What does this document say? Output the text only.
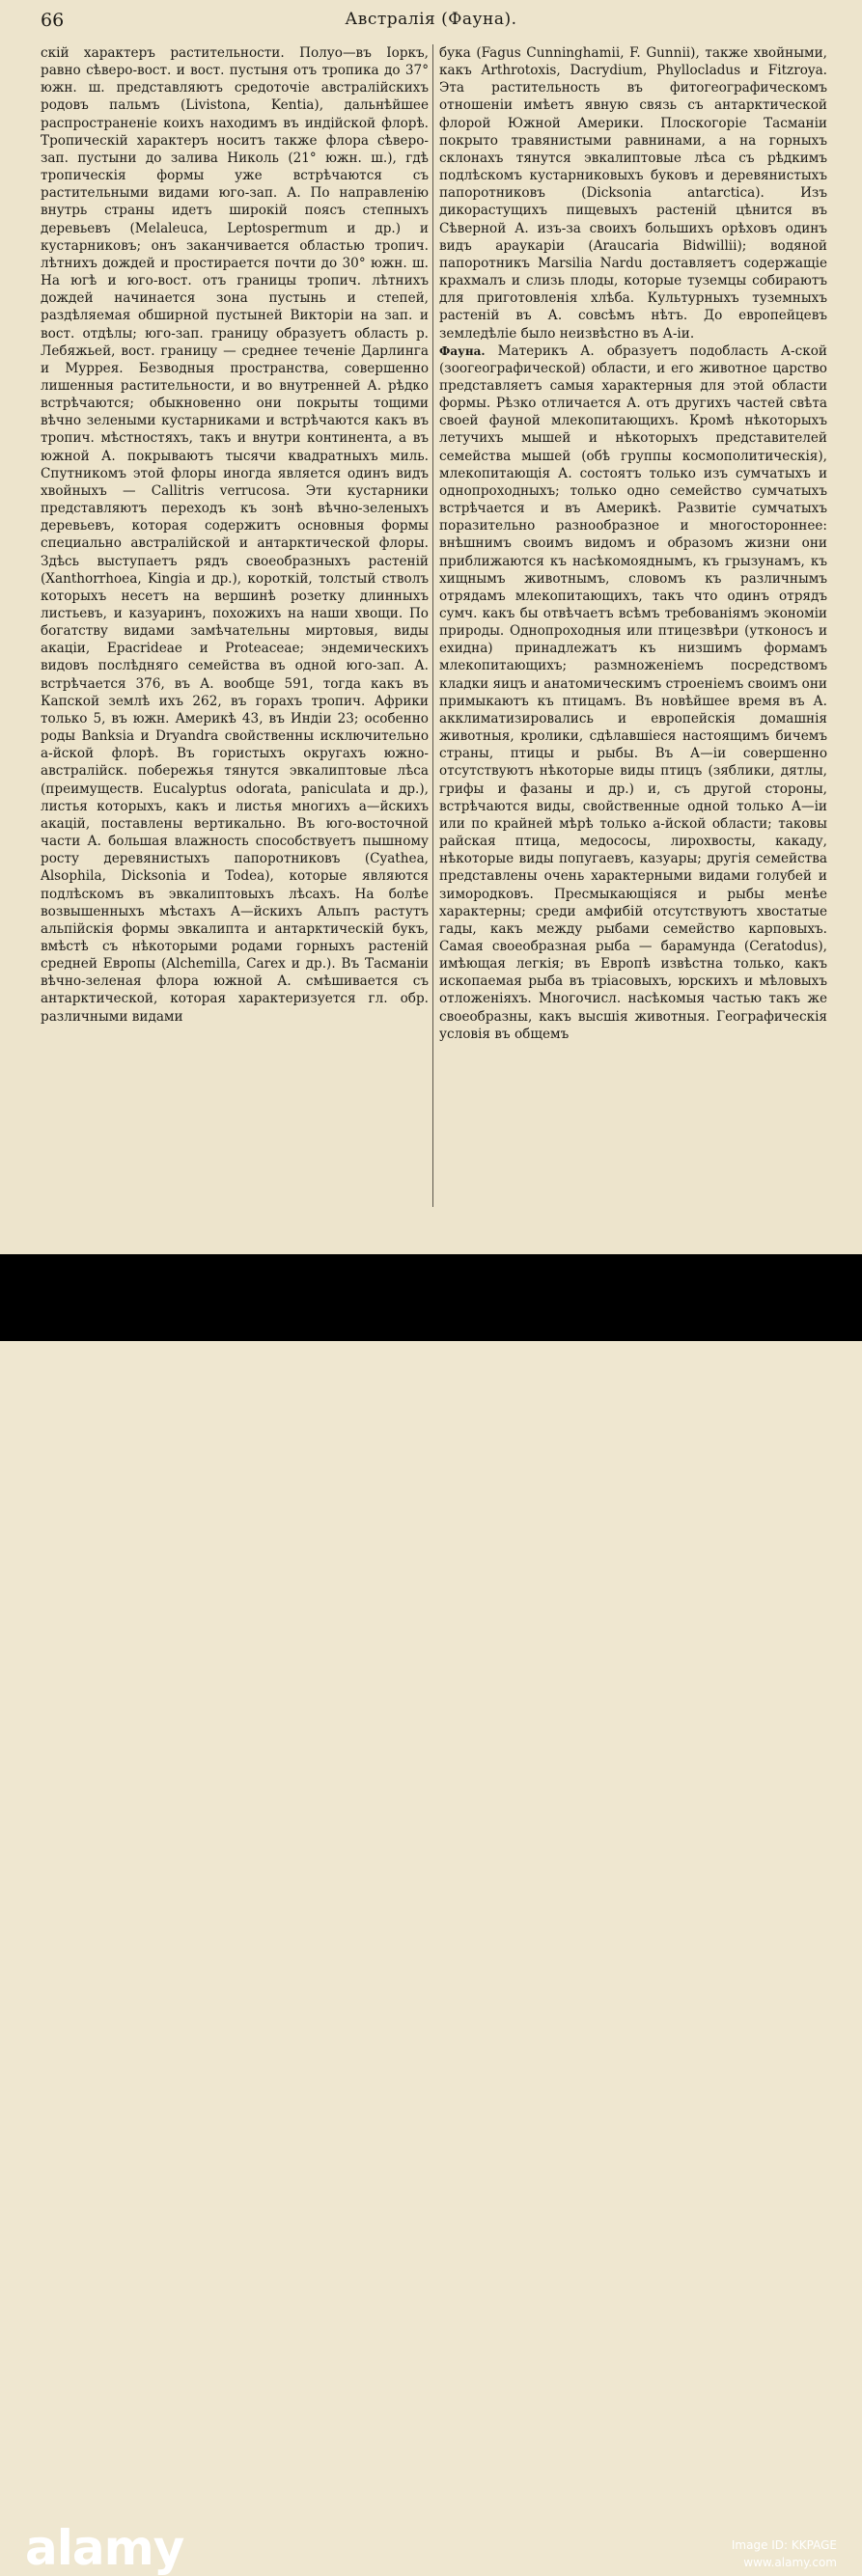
66	Австралія (Фауна).

скій характеръ растительности. Полуо—въ Іоркъ, равно сѣверо-вост. и вост. пустыня отъ тропика до 37° южн. ш. представляютъ средоточіе австралійскихъ родовъ пальмъ (Livistona, Kentia), дальнѣйшее распространеніе коихъ находимъ въ индійской флорѣ. Тропическій характеръ носитъ также флора сѣверо-зап. пустыни до залива Николь (21° южн. ш.), гдѣ тропическія формы уже встрѣчаются съ растительными видами юго-зап. А. По направленію внутрь страны идетъ широкій поясъ степныхъ деревьевъ (Melaleuca, Leptospermum и др.) и кустарниковъ; онъ заканчивается областью тропич. лѣтнихъ дождей и простирается почти до 30° южн. ш. На югѣ и юго-вост. отъ границы тропич. лѣтнихъ дождей начинается зона пустынь и степей, раздѣляемая обширной пустыней Викторіи на зап. и вост. отдѣлы; юго-зап. границу образуетъ область р. Лебяжьей, вост. границу — среднее теченіе Дарлинга и Муррея. Безводныя пространства, совершенно лишенныя растительности, и во внутренней А. рѣдко встрѣчаются; обыкновенно они покрыты тощими вѣчно зелеными кустарниками и встрѣчаются какъ въ тропич. мѣстностяхъ, такъ и внутри континента, а въ южной А. покрываютъ тысячи квадратныхъ миль. Спутникомъ этой флоры иногда является одинъ видъ хвойныхъ — Callitris verrucosa. Эти кустарники представляютъ переходъ къ зонѣ вѣчно-зеленыхъ деревьевъ, которая содержитъ основныя формы специально австралійской и антарктической флоры. Здѣсь выступаетъ рядъ своеобразныхъ растеній (Xanthorrhoea, Kingia и др.), короткій, толстый стволъ которыхъ несетъ на вершинѣ розетку длинныхъ листьевъ, и казуаринъ, похожихъ на наши хвощи. По богатству видами замѣчательны миртовыя, виды акаціи, Epacrideae и Proteaceae; эндемическихъ видовъ послѣдняго семейства въ одной юго-зап. А. встрѣчается 376, въ А. вообще 591, тогда какъ въ Капской землѣ ихъ 262, въ горахъ тропич. Африки только 5, въ южн. Америкѣ 43, въ Индіи 23; особенно роды Banksia и Dryandra свойственны исключительно а-йской флорѣ. Въ гористыхъ округахъ южно-австралійск. побережья тянутся эвкалиптовые лѣса (преимуществ. Eucalyptus odorata, paniculata и др.), листья которыхъ, какъ и листья многихъ а—йскихъ акацій, поставлены вертикально. Въ юго-восточной части А. большая влажность способствуетъ пышному росту деревянистыхъ папоротниковъ (Cyathea, Alsophila, Dicksonia и Todea), которые являются подлѣскомъ въ эвкалиптовыхъ лѣсахъ. На болѣе возвышенныхъ мѣстахъ А—йскихъ Альпъ растутъ альпійскія формы эвкалипта и антарктическій букъ, вмѣстѣ съ нѣкоторыми родами горныхъ растеній средней Европы (Alchemilla, Carex и др.). Въ Тасманіи вѣчно-зеленая флора южной А. смѣшивается съ антарктической, которая характеризуется гл. обр. различными видами

бука (Fagus Cunninghamii, F. Gunnii), также хвойными, какъ Arthrotoxis, Dacrydium, Phyllocladus и Fitzroya. Эта растительность въ фитогеографическомъ отношеніи имѣетъ явную связь съ антарктической флорой Южной Америки. Плоскогоріе Тасманіи покрыто травянистыми равнинами, а на горныхъ склонахъ тянутся эвкалиптовые лѣса съ рѣдкимъ подлѣскомъ кустарниковыхъ буковъ и деревянистыхъ папоротниковъ (Dicksonia antarctica). Изъ дикорастущихъ пищевыхъ растеній цѣнится въ Сѣверной А. изъ-за своихъ большихъ орѣховъ одинъ видъ араукаріи (Araucaria Bidwillii); водяной папоротникъ Marsilia Nardu доставляетъ содержащіе крахмалъ и слизь плоды, которые туземцы собираютъ для приготовленія хлѣба. Культурныхъ туземныхъ растеній въ А. совсѣмъ нѣтъ. До европейцевъ земледѣліе было неизвѣстно въ А-іи.

Фауна. Материкъ А. образуетъ подобласть А-ской (зоогеографической) области, и его животное царство представляетъ самыя характерныя для этой области формы. Рѣзко отличается А. отъ другихъ частей свѣта своей фауной млекопитающихъ. Кромѣ нѣкоторыхъ летучихъ мышей и нѣкоторыхъ представителей семейства мышей (обѣ группы космополитическія), млекопитающія А. состоятъ только изъ сумчатыхъ и однопроходныхъ; только одно семейство сумчатыхъ встрѣчается и въ Америкѣ. Развитіе сумчатыхъ поразительно разнообразное и многостороннее: внѣшнимъ своимъ видомъ и образомъ жизни они приближаются къ насѣкомояднымъ, къ грызунамъ, къ хищнымъ животнымъ, словомъ къ различнымъ отрядамъ млекопитающихъ, такъ что одинъ отрядъ сумч. какъ бы отвѣчаетъ всѣмъ требованіямъ экономіи природы. Однопроходныя или птицезвѣри (утконосъ и ехидна) принадлежатъ къ низшимъ формамъ млекопитающихъ; размноженіемъ посредствомъ кладки яицъ и анатомическимъ строеніемъ своимъ они примыкаютъ къ птицамъ. Въ новѣйшее время въ А. акклиматизировались и европейскія домашнія животныя, кролики, сдѣлавшіеся настоящимъ бичемъ страны, птицы и рыбы. Въ А—іи совершенно отсутствуютъ нѣкоторые виды птицъ (зяблики, дятлы, грифы и фазаны и др.) и, съ другой стороны, встрѣчаются виды, свойственные одной только А—іи или по крайней мѣрѣ только а-йской области; таковы райская птица, медососы, лирохвосты, какаду, нѣкоторые виды попугаевъ, казуары; другія семейства представлены очень характерными видами голубей и зимородковъ. Пресмыкающіяся и рыбы менѣе характерны; среди амфибій отсутствуютъ хвостатые гады, какъ между рыбами семейство карповыхъ. Самая своеобразная рыба — барамунда (Ceratodus), имѣющая легкія; въ Европѣ извѣстна только, какъ ископаемая рыба въ тріасовыхъ, юрскихъ и мѣловыхъ отложеніяхъ. Многочисл. насѣкомыя частью такъ же своеобразны, какъ высшія животныя. Географическія условія въ общемъ

alamy	Image ID: KKPAGE
www.alamy.com
